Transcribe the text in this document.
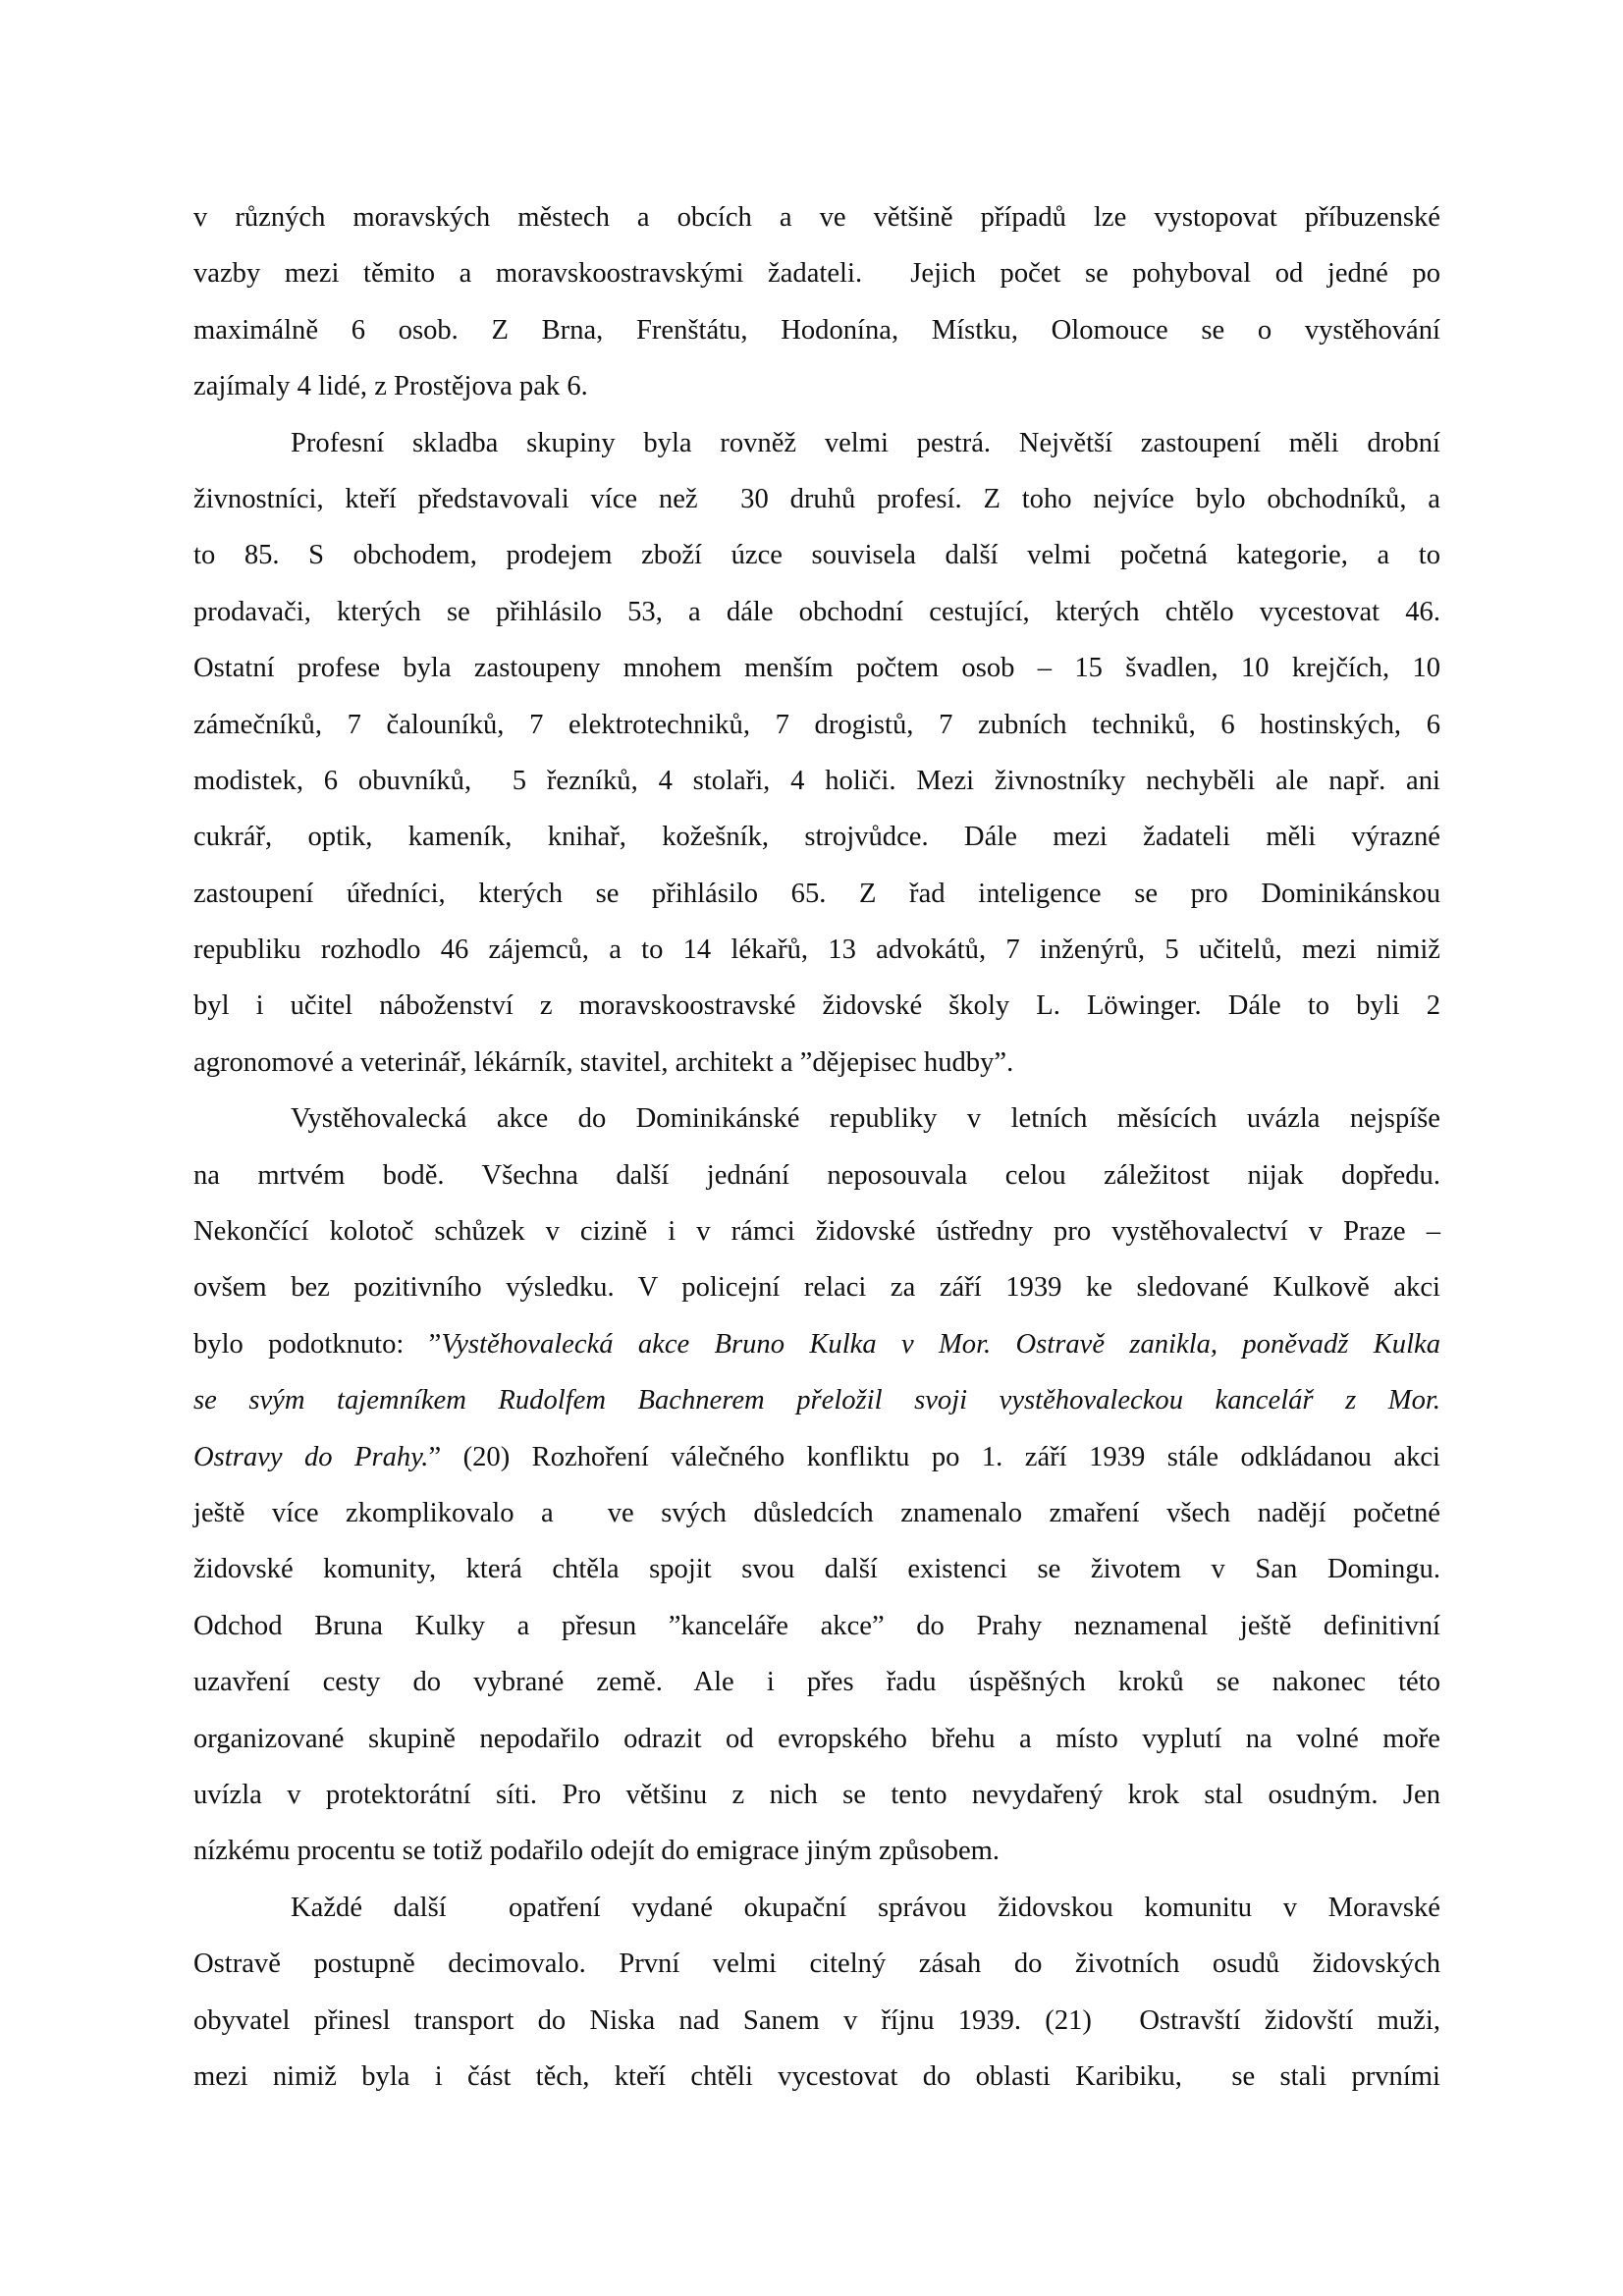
v různých moravských městech a obcích a ve většině případů lze vystopovat příbuzenské
vazby mezi těmito a moravskoostravskými žadateli.  Jejich počet se pohyboval od jedné po
maximálně 6 osob. Z Brna, Frenštátu, Hodonína, Místku, Olomouce se o vystěhování
zajímaly 4 lidé, z Prostějova pak 6.
Profesní skladba skupiny byla rovněž velmi pestrá. Největší zastoupení měli drobní
živnostníci, kteří představovali více než  30 druhů profesí. Z toho nejvíce bylo obchodníků, a
to 85. S obchodem, prodejem zboží úzce souvisela další velmi početná kategorie, a to
prodavači, kterých se přihlásilo 53, a dále obchodní cestující, kterých chtělo vycestovat 46.
Ostatní profese byla zastoupeny mnohem menším počtem osob – 15 švadlen, 10 krejčích, 10
zámečníků, 7 čalouníků, 7 elektrotechniků, 7 drogistů, 7 zubních techniků, 6 hostinských, 6
modistek, 6 obuvníků,  5 řezníků, 4 stolaři, 4 holiči. Mezi živnostníky nechyběli ale např. ani
cukrář, optik, kameník, knihař, kožešník, strojvůdce. Dále mezi žadateli měli výrazné
zastoupení úředníci, kterých se přihlásilo 65. Z řad inteligence se pro Dominikánskou
republiku rozhodlo 46 zájemců, a to 14 lékařů, 13 advokátů, 7 inženýrů, 5 učitelů, mezi nimiž
byl i učitel náboženství z moravskoostravské židovské školy L. Löwinger. Dále to byli 2
agronomové a veterinář, lékárník, stavitel, architekt a ”dějepisec hudby”.
Vystěhovalecká akce do Dominikánské republiky v letních měsících uvázla nejspíše
na mrtvém bodě. Všechna další jednání neposouvala celou záležitost nijak dopředu.
Nekončící kolotoč schůzek v cizině i v rámci židovské ústředny pro vystěhovalectví v Praze –
ovšem bez pozitivního výsledku. V policejní relaci za září 1939 ke sledované Kulkově akci
bylo podotknuto: ”Vystěhovalecká akce Bruno Kulka v Mor. Ostravě zanikla, poněvadž Kulka
se svým tajemníkem Rudolfem Bachnerem přeložil svoji vystěhovaleckou kancelář z Mor.
Ostravy do Prahy.” (20) Rozhoření válečného konfliktu po 1. září 1939 stále odkládanou akci
ještě více zkomplikovalo a  ve svých důsledcích znamenalo zmaření všech nadějí početné
židovské komunity, která chtěla spojit svou další existenci se životem v San Domingu.
Odchod Bruna Kulky a přesun ”kanceláře akce” do Prahy neznamenal ještě definitivní
uzavření cesty do vybrané země. Ale i přes řadu úspěšných kroků se nakonec této
organizované skupině nepodařilo odrazit od evropského břehu a místo vyplutí na volné moře
uvízla v protektorátní síti. Pro většinu z nich se tento nevydařený krok stal osudným. Jen
nízkému procentu se totiž podařilo odejít do emigrace jiným způsobem.
Každé další  opatření vydané okupační správou židovskou komunitu v Moravské
Ostravě postupně decimovalo. První velmi citelný zásah do životních osudů židovských
obyvatel přinesl transport do Niska nad Sanem v říjnu 1939. (21)  Ostravští židovští muži,
mezi nimiž byla i část těch, kteří chtěli vycestovat do oblasti Karibiku,  se stali prvními
